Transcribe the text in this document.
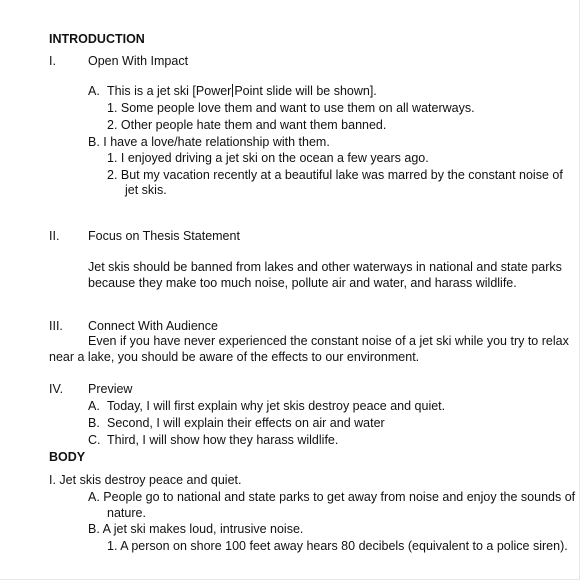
INTRODUCTION
I.	Open With Impact
A. This is a jet ski [Power Point slide will be shown].
1. Some people love them and want to use them on all waterways.
2. Other people hate them and want them banned.
B. I have a love/hate relationship with them.
1. I enjoyed driving a jet ski on the ocean a few years ago.
2. But my vacation recently at a beautiful lake was marred by the constant noise of
jet skis.
II. Focus on Thesis Statement
Jet skis should be banned from lakes and other waterways in national and state parks
because they make too much noise, pollute air and water, and harass wildlife.
III. Connect With Audience
Even if you have never experienced the constant noise of a jet ski while you try to relax
near a lake, you should be aware of the effects to our environment.
IV. Preview
A. Today, I will first explain why jet skis destroy peace and quiet.
B. Second, I will explain their effects on air and water
C. Third, I will show how they harass wildlife.
BODY
I. Jet skis destroy peace and quiet.
A. People go to national and state parks to get away from noise and enjoy the sounds of
nature.
B. A jet ski makes loud, intrusive noise.
1. A person on shore 100 feet away hears 80 decibels (equivalent to a police siren).
